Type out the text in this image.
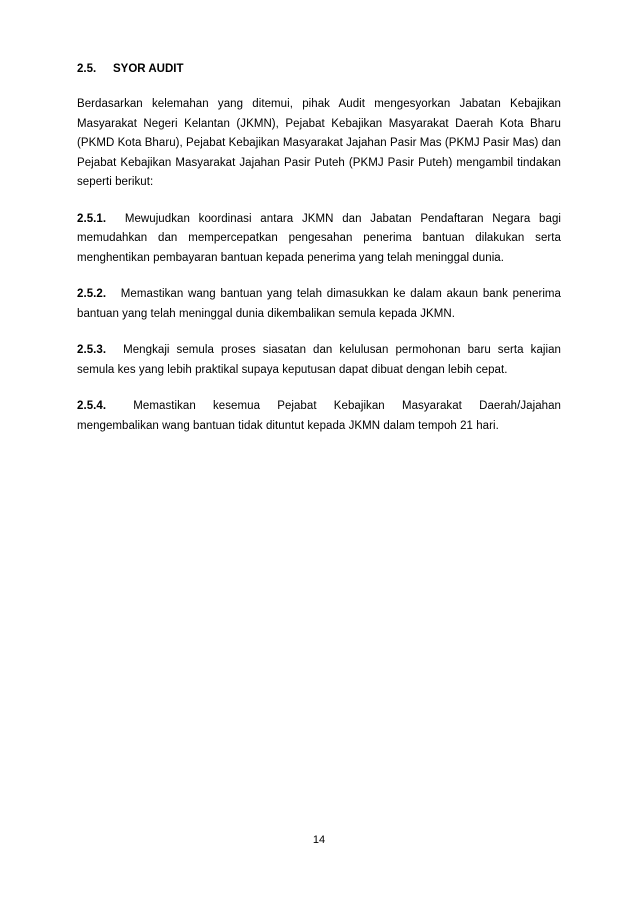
2.5. SYOR AUDIT

Berdasarkan kelemahan yang ditemui, pihak Audit mengesyorkan Jabatan Kebajikan Masyarakat Negeri Kelantan (JKMN), Pejabat Kebajikan Masyarakat Daerah Kota Bharu (PKMD Kota Bharu), Pejabat Kebajikan Masyarakat Jajahan Pasir Mas (PKMJ Pasir Mas) dan Pejabat Kebajikan Masyarakat Jajahan Pasir Puteh (PKMJ Pasir Puteh) mengambil tindakan seperti berikut:

2.5.1. Mewujudkan koordinasi antara JKMN dan Jabatan Pendaftaran Negara bagi memudahkan dan mempercepatkan pengesahan penerima bantuan dilakukan serta menghentikan pembayaran bantuan kepada penerima yang telah meninggal dunia.

2.5.2. Memastikan wang bantuan yang telah dimasukkan ke dalam akaun bank penerima bantuan yang telah meninggal dunia dikembalikan semula kepada JKMN.

2.5.3. Mengkaji semula proses siasatan dan kelulusan permohonan baru serta kajian semula kes yang lebih praktikal supaya keputusan dapat dibuat dengan lebih cepat.

2.5.4. Memastikan kesemua Pejabat Kebajikan Masyarakat Daerah/Jajahan mengembalikan wang bantuan tidak dituntut kepada JKMN dalam tempoh 21 hari.

14
